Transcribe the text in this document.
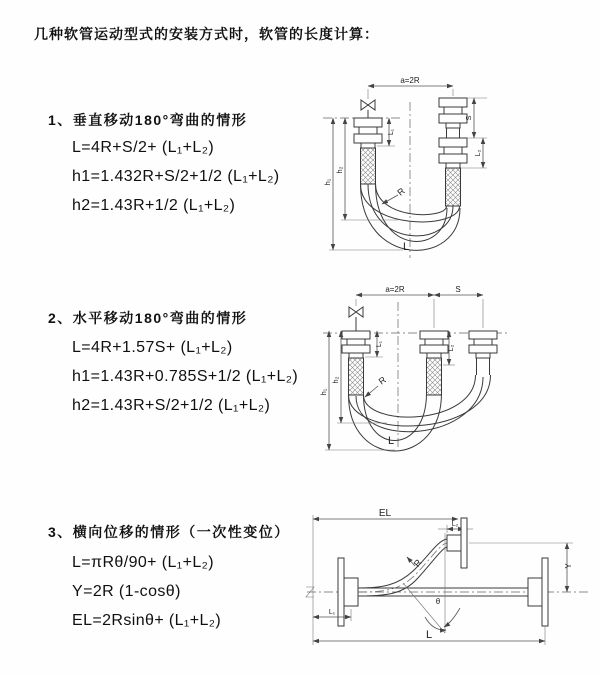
几种软管运动型式的安装方式时，软管的长度计算：
1、垂直移动180°弯曲的情形
L=4R+S/2+ (L₁+L₂)
h1=1.432R+S/2+1/2 (L₁+L₂)
h2=1.43R+1/2 (L₁+L₂)
a=2R
h₁
h₂
L₁
S
L₂
R
L
2、水平移动180°弯曲的情形
L=4R+1.57S+ (L₁+L₂)
h1=1.43R+0.785S+1/2 (L₁+L₂)
h2=1.43R+S/2+1/2 (L₁+L₂)
a=2R	S
h₁
h₂
L₁
L₂
R
L
3、横向位移的情形（一次性变位）
L=πRθ/90+ (L₁+L₂)
Y=2R (1-cosθ)
EL=2Rsinθ+ (L₁+L₂)
EL
L₂
Y
θ
R
L₁
L
